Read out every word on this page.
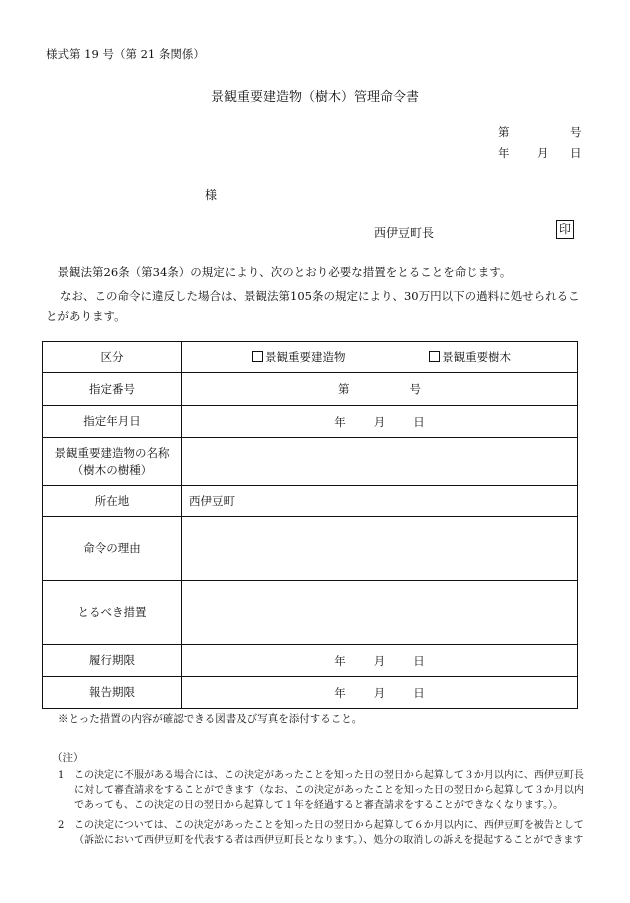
様式第 19 号（第 21 条関係）
景観重要建造物（樹木）管理命令書
第	号
年 月 日
様
西伊豆町長	印
　景観法第26条（第34条）の規定により、次のとおり必要な措置をとることを命じます。
なお、この命令に違反した場合は、景観法第105条の規定により、30万円以下の過料に処せられることがあります。
区分	景観重要建造物 景観重要樹木
指定番号	第 号
指定年月日	年 月 日

景観重要建造物の名称
（樹木の樹種）	

所在地	西伊豆町
命令の理由	
とるべき措置	
履行期限	年 月 日
報告期限	年 月 日
※とった措置の内容が確認できる図書及び写真を添付すること。
（注）
1 この決定に不服がある場合には、この決定があったことを知った日の翌日から起算して３か月以内に、西伊豆町長に対して審査請求をすることができます（なお、この決定があったことを知った日の翌日から起算して３か月以内であっても、この決定の日の翌日から起算して１年を経過すると審査請求をすることができなくなります。）。
2 この決定については、この決定があったことを知った日の翌日から起算して６か月以内に、西伊豆町を被告として（訴訟において西伊豆町を代表する者は西伊豆町長となります。）、処分の取消しの訴えを提起することができます
